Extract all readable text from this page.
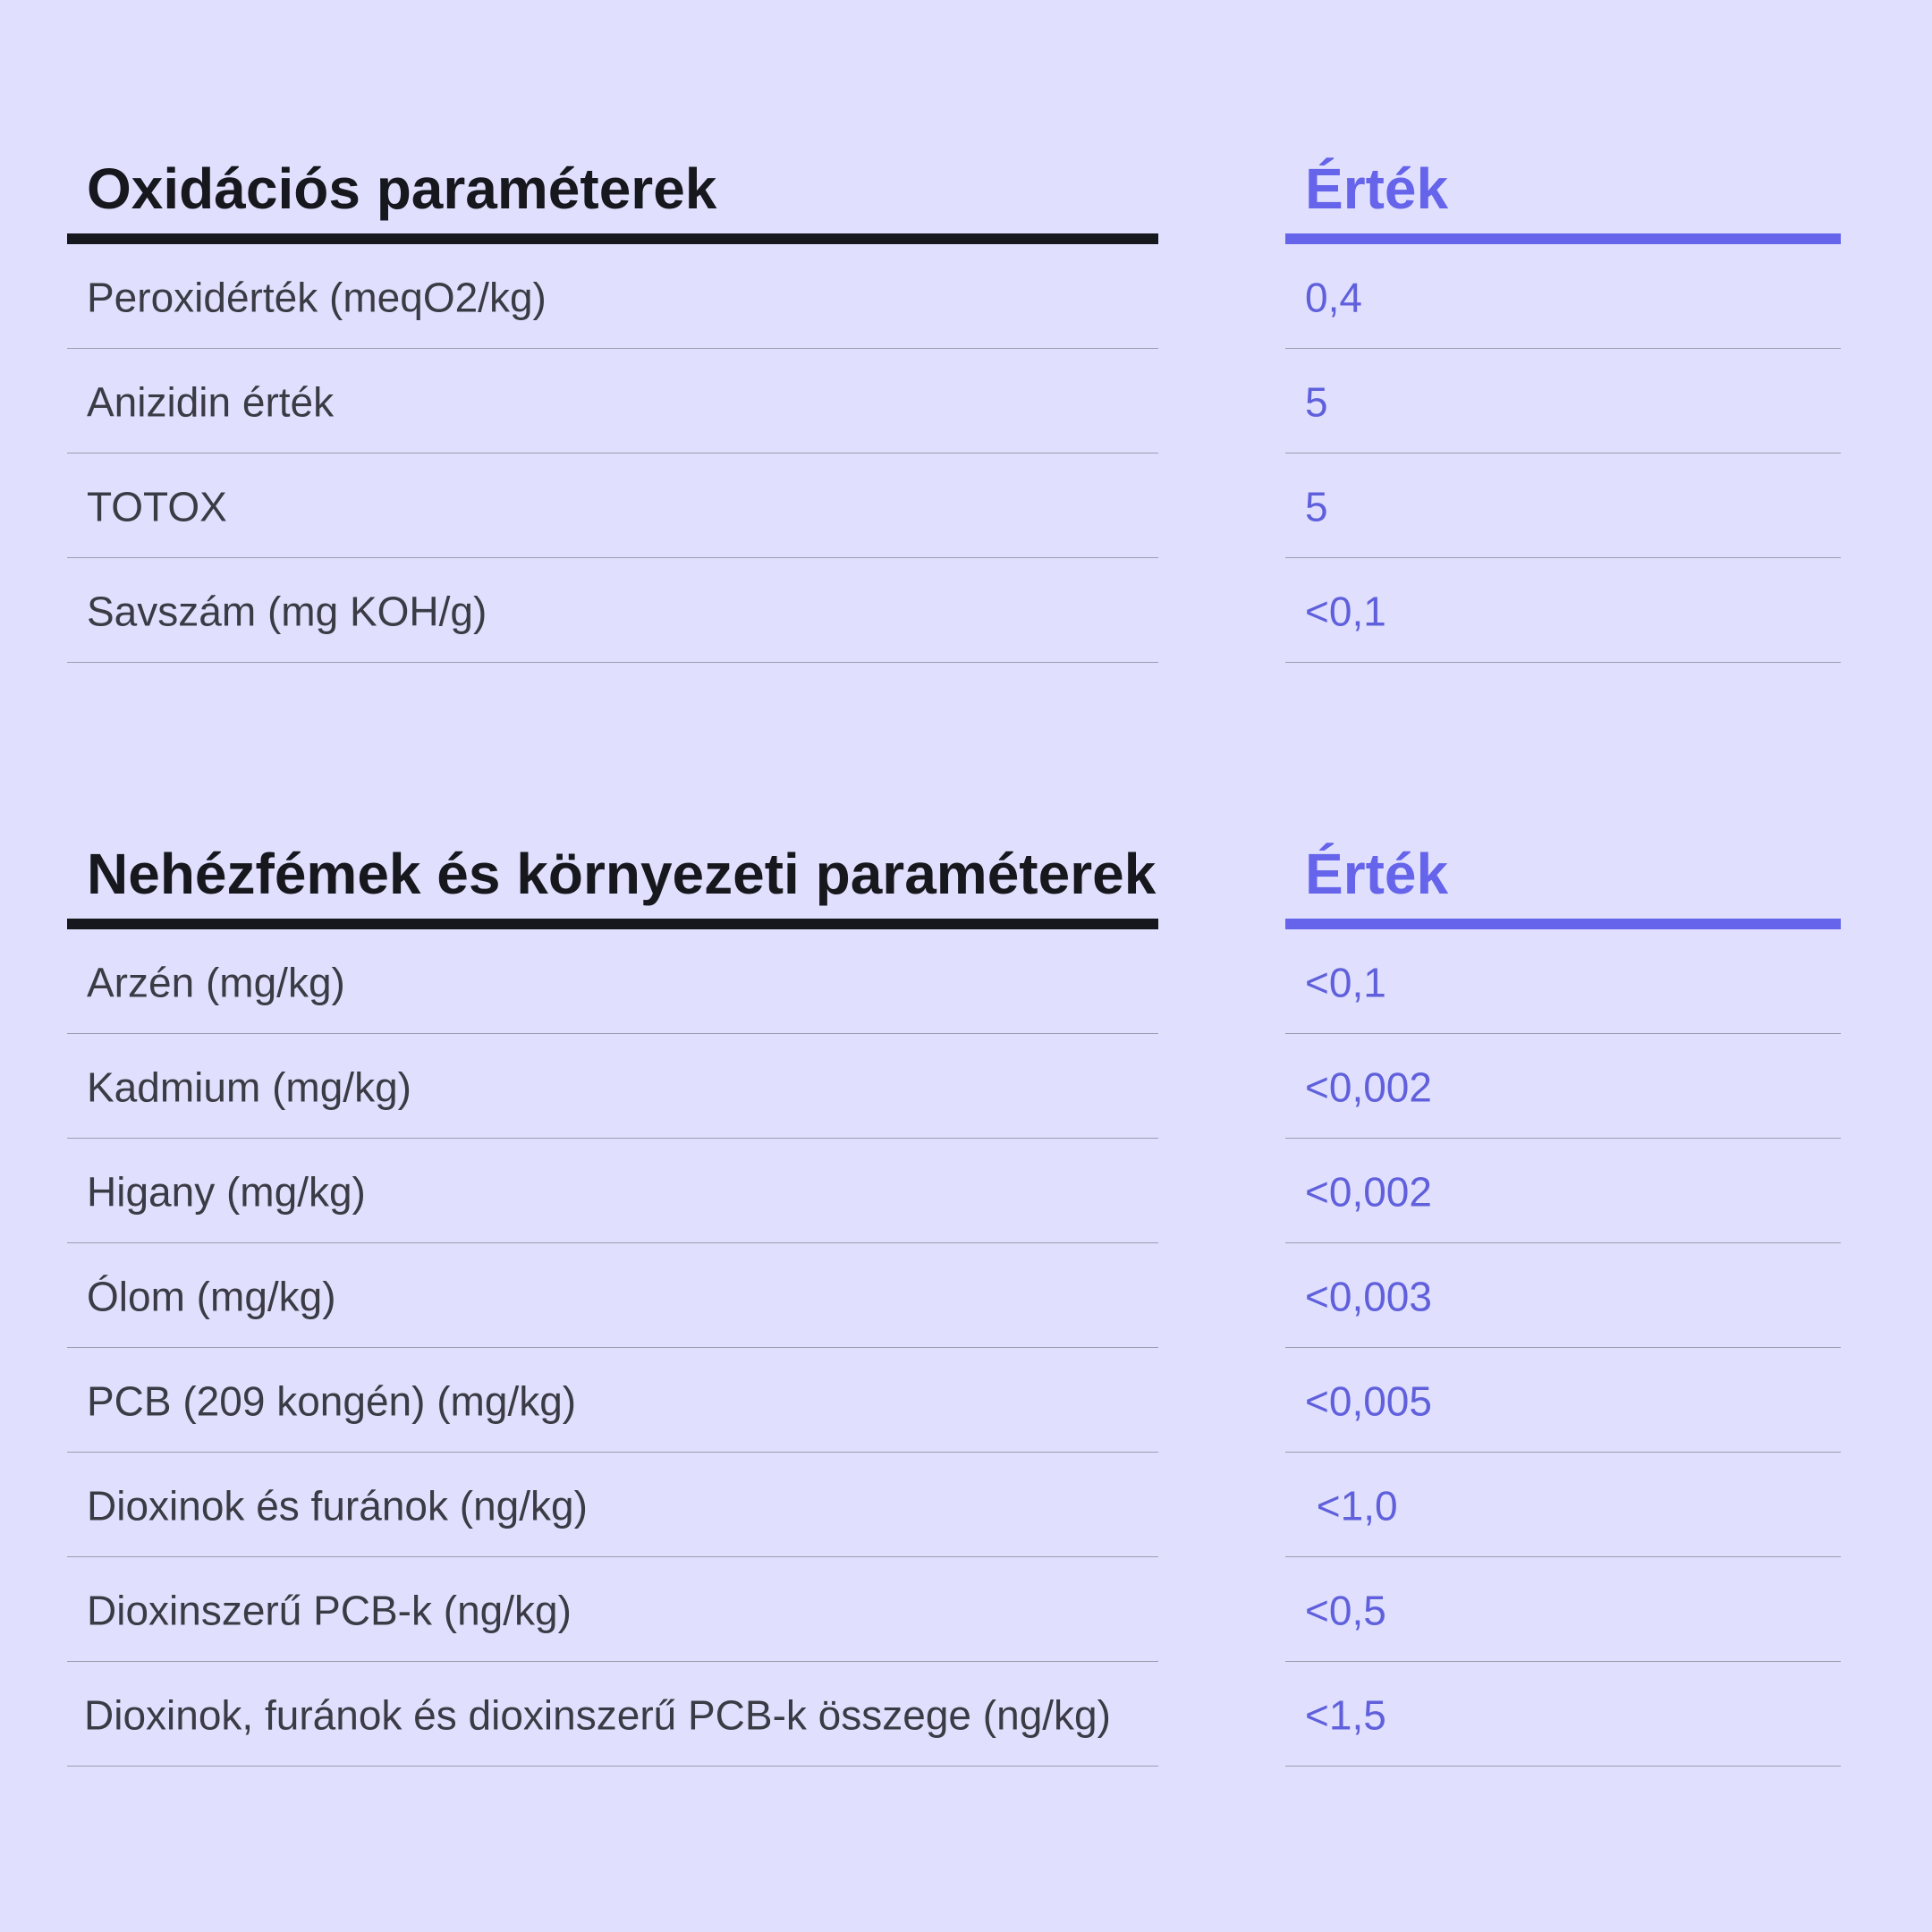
Oxidációs paraméterek
Peroxidérték (meqO2/kg)
Anizidin érték
TOTOX
Savszám (mg KOH/g)
Érték
0,4
5
5
<0,1
Nehézfémek és környezeti paraméterek
Arzén (mg/kg)
Kadmium (mg/kg)
Higany (mg/kg)
Ólom (mg/kg)
PCB (209 kongén) (mg/kg)
Dioxinok és furánok (ng/kg)
Dioxinszerű PCB-k (ng/kg)
Dioxinok, furánok és dioxinszerű PCB-k összege (ng/kg)
Érték
<0,1
<0,002
<0,002
<0,003
<0,005
<1,0
<0,5
<1,5
